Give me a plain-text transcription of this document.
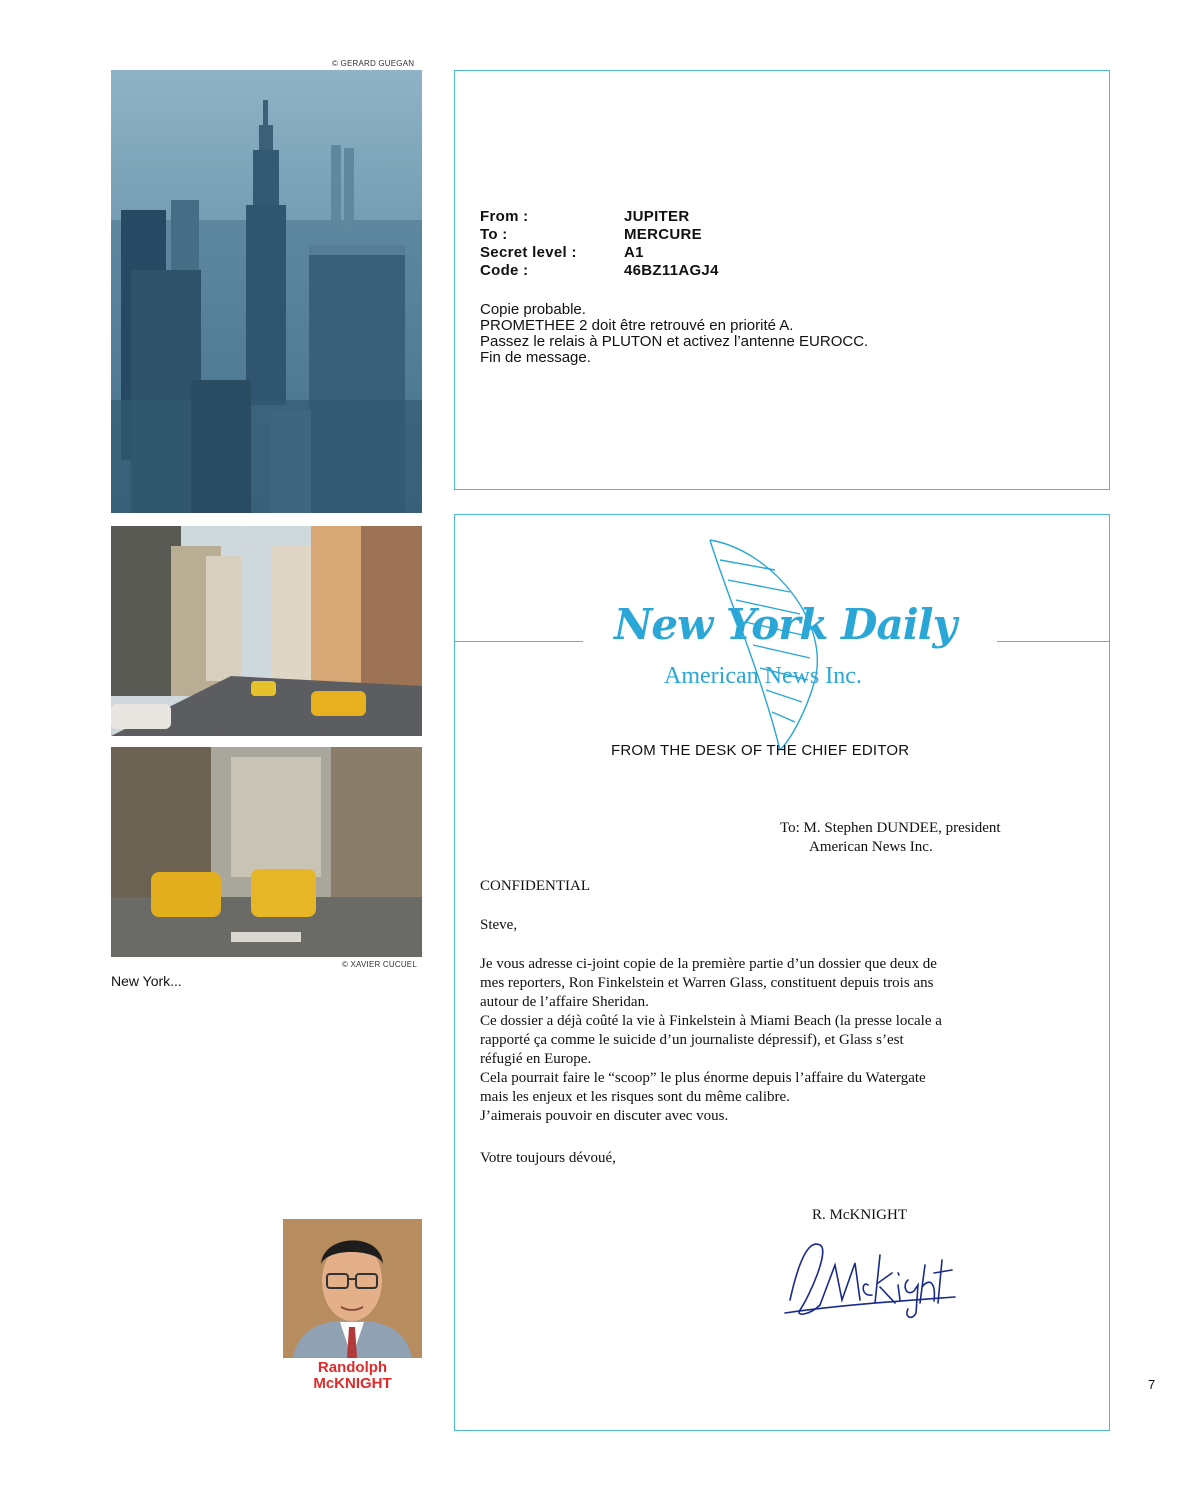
© GERARD GUEGAN
© XAVIER CUCUEL
New York...
From :	JUPITER
To :	MERCURE
Secret level :	A1
Code :	46BZ11AGJ4
Copie probable.
PROMETHEE 2 doit être retrouvé en priorité A.
Passez le relais à PLUTON et activez l’antenne EUROCC.
Fin de message.
New York Daily
American News Inc.
FROM THE DESK OF THE CHIEF EDITOR
To: M. Stephen DUNDEE, president
American News Inc.
CONFIDENTIAL
Steve,
Je vous adresse ci-joint copie de la première partie d’un dossier que deux de
mes reporters, Ron Finkelstein et Warren Glass, constituent depuis trois ans
autour de l’affaire Sheridan.
Ce dossier a déjà coûté la vie à Finkelstein à Miami Beach (la presse locale a
rapporté ça comme le suicide d’un journaliste dépressif), et Glass s’est
réfugié en Europe.
Cela pourrait faire le “scoop” le plus énorme depuis l’affaire du Watergate
mais les enjeux et les risques sont du même calibre.
J’aimerais pouvoir en discuter avec vous.
Votre toujours dévoué,
R. McKNIGHT
Randolph
McKNIGHT	7
